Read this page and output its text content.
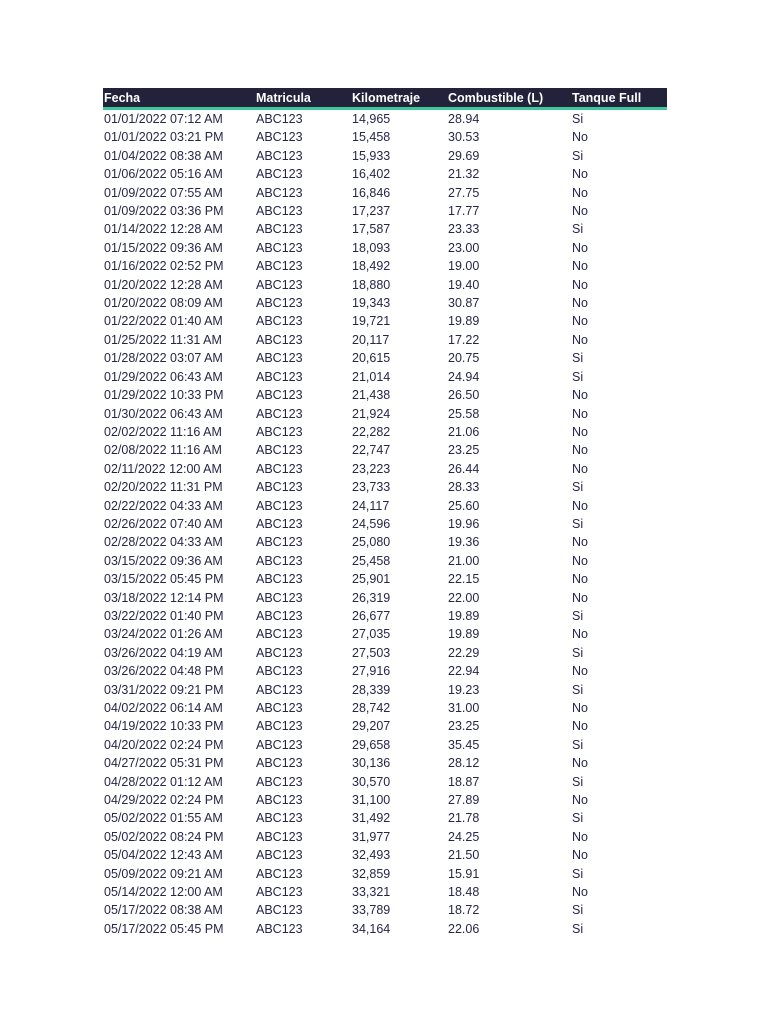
Fecha	Matricula	Kilometraje	Combustible (L)	Tanque Full
01/01/2022 07:12 AM	ABC123	14,965	28.94	Si
01/01/2022 03:21 PM	ABC123	15,458	30.53	No
01/04/2022 08:38 AM	ABC123	15,933	29.69	Si
01/06/2022 05:16 AM	ABC123	16,402	21.32	No
01/09/2022 07:55 AM	ABC123	16,846	27.75	No
01/09/2022 03:36 PM	ABC123	17,237	17.77	No
01/14/2022 12:28 AM	ABC123	17,587	23.33	Si
01/15/2022 09:36 AM	ABC123	18,093	23.00	No
01/16/2022 02:52 PM	ABC123	18,492	19.00	No
01/20/2022 12:28 AM	ABC123	18,880	19.40	No
01/20/2022 08:09 AM	ABC123	19,343	30.87	No
01/22/2022 01:40 AM	ABC123	19,721	19.89	No
01/25/2022 11:31 AM	ABC123	20,117	17.22	No
01/28/2022 03:07 AM	ABC123	20,615	20.75	Si
01/29/2022 06:43 AM	ABC123	21,014	24.94	Si
01/29/2022 10:33 PM	ABC123	21,438	26.50	No
01/30/2022 06:43 AM	ABC123	21,924	25.58	No
02/02/2022 11:16 AM	ABC123	22,282	21.06	No
02/08/2022 11:16 AM	ABC123	22,747	23.25	No
02/11/2022 12:00 AM	ABC123	23,223	26.44	No
02/20/2022 11:31 PM	ABC123	23,733	28.33	Si
02/22/2022 04:33 AM	ABC123	24,117	25.60	No
02/26/2022 07:40 AM	ABC123	24,596	19.96	Si
02/28/2022 04:33 AM	ABC123	25,080	19.36	No
03/15/2022 09:36 AM	ABC123	25,458	21.00	No
03/15/2022 05:45 PM	ABC123	25,901	22.15	No
03/18/2022 12:14 PM	ABC123	26,319	22.00	No
03/22/2022 01:40 PM	ABC123	26,677	19.89	Si
03/24/2022 01:26 AM	ABC123	27,035	19.89	No
03/26/2022 04:19 AM	ABC123	27,503	22.29	Si
03/26/2022 04:48 PM	ABC123	27,916	22.94	No
03/31/2022 09:21 PM	ABC123	28,339	19.23	Si
04/02/2022 06:14 AM	ABC123	28,742	31.00	No
04/19/2022 10:33 PM	ABC123	29,207	23.25	No
04/20/2022 02:24 PM	ABC123	29,658	35.45	Si
04/27/2022 05:31 PM	ABC123	30,136	28.12	No
04/28/2022 01:12 AM	ABC123	30,570	18.87	Si
04/29/2022 02:24 PM	ABC123	31,100	27.89	No
05/02/2022 01:55 AM	ABC123	31,492	21.78	Si
05/02/2022 08:24 PM	ABC123	31,977	24.25	No
05/04/2022 12:43 AM	ABC123	32,493	21.50	No
05/09/2022 09:21 AM	ABC123	32,859	15.91	Si
05/14/2022 12:00 AM	ABC123	33,321	18.48	No
05/17/2022 08:38 AM	ABC123	33,789	18.72	Si
05/17/2022 05:45 PM	ABC123	34,164	22.06	Si
